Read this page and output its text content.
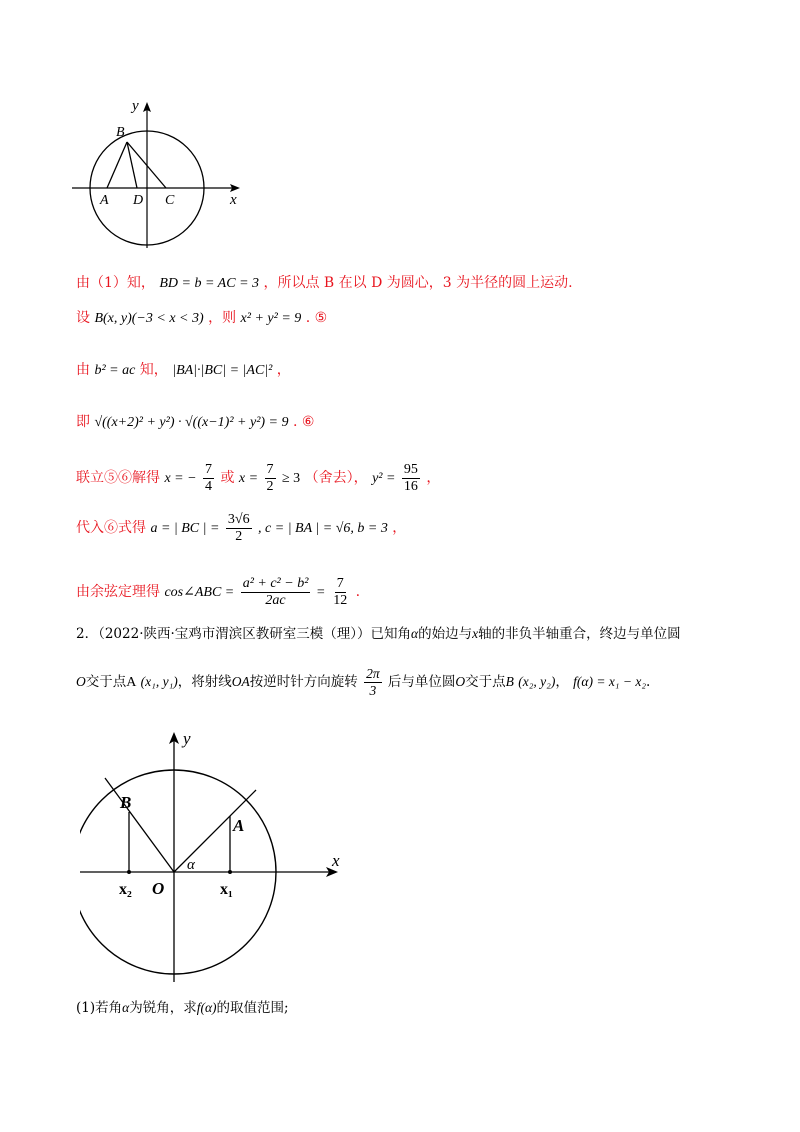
y
x
B
A D C
由（1）知， BD = b = AC = 3 ，所以点 B 在以 D 为圆心，3 为半径的圆上运动.
设 B(x, y)(−3 < x < 3) ，则 x² + y² = 9 . ⑤
由 b² = ac 知， |BA|·|BC| = |AC|² ，
即 √((x+2)² + y²) · √((x−1)² + y²) = 9 . ⑥
联立⑤⑥解得 x = − $\frac{7}{4}$ 或 $x = \frac{7}{2} \ge 3$ （舍去）， $y^2 = \frac{95}{16}$ ，
代入⑥式得 a = | BC | = $\frac{3√6}{2}$ , c = | BA | = √6, b = 3 ，
由余弦定理得 cos∠ABC = $\frac{\text{a² + c² − b²}}{2ac} = \frac{7}{12}$ .
2．（2022·陕西·宝鸡市渭滨区教研室三模（理））已知角α的始边与x轴的非负半轴重合，终边与单位圆
O交于点A (x₁, y₁)，将射线OA按逆时针方向旋转 $\frac{2\pi}{3}$ 后与单位圆O交于点B (x₂, y₂)， f(α) = x₁ − x₂.
y
x
B
A
α
x₂ O	x₁
(1)若角α为锐角，求f(α)的取值范围;
